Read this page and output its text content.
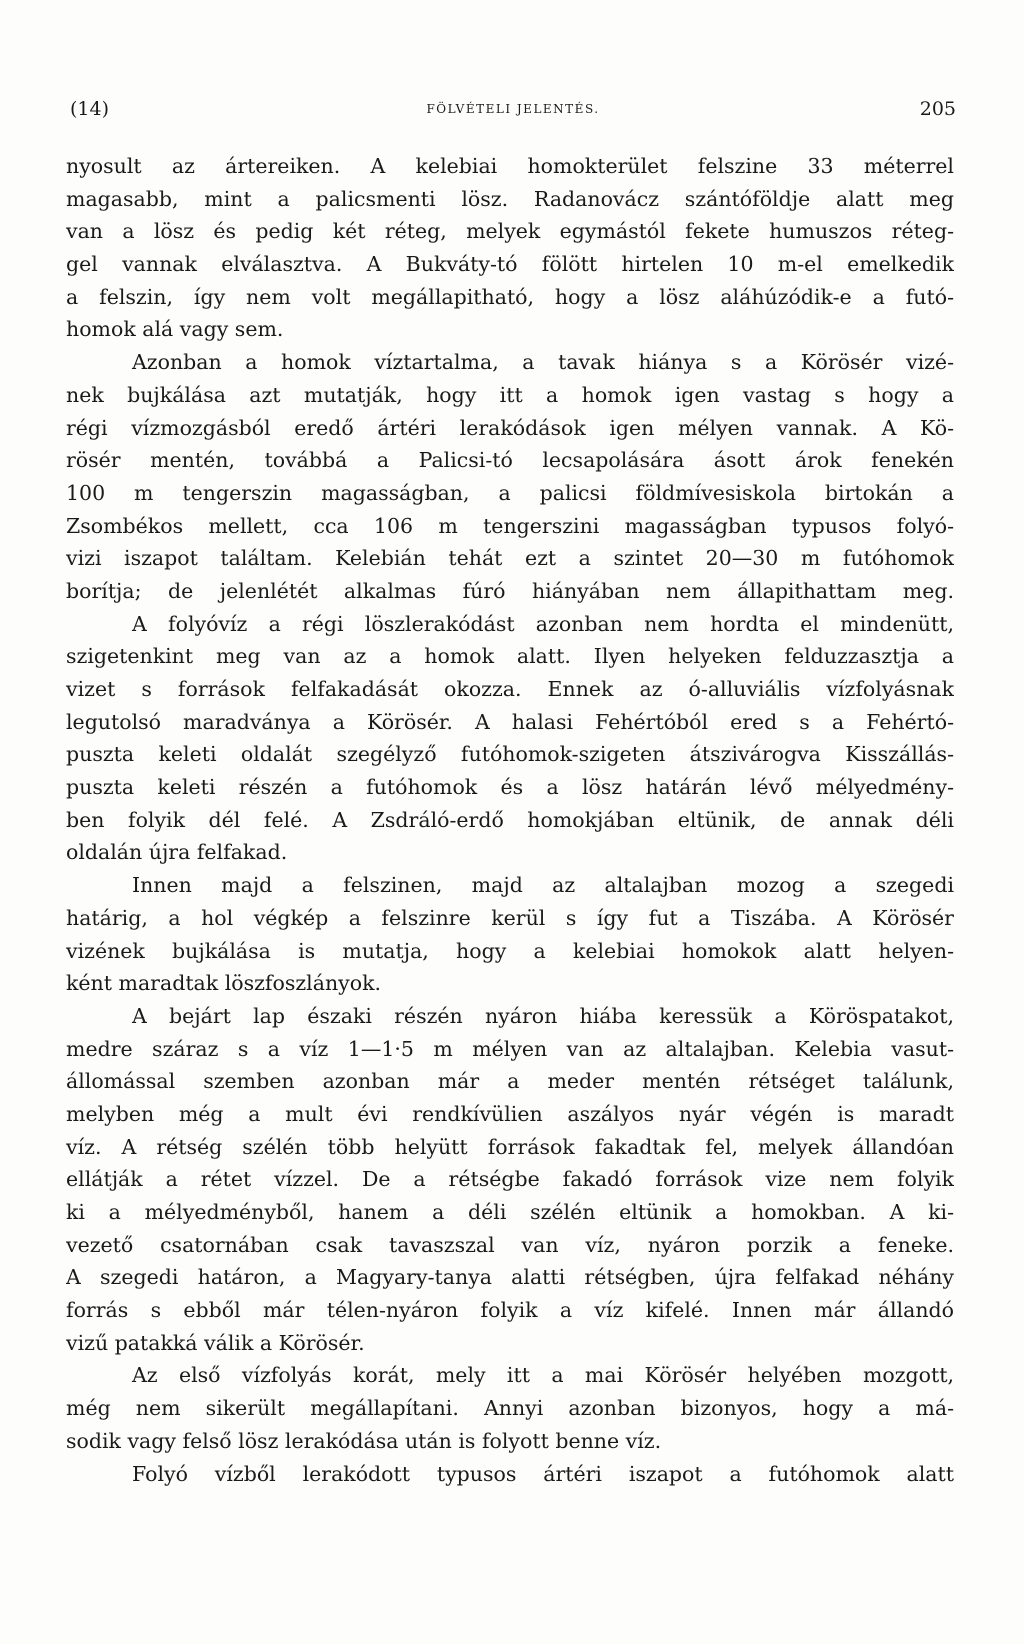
(14)	FÖLVÉTELI JELENTÉS.	205
nyosult az ártereiken. A kelebiai homokterület felszine 33 méterrel
magasabb, mint a palicsmenti lösz. Radanovácz szántóföldje alatt meg
van a lösz és pedig két réteg, melyek egymástól fekete humuszos réteg-
gel vannak elválasztva. A Bukváty-tó fölött hirtelen 10 m-el emelkedik
a felszin, így nem volt megállapitható, hogy a lösz aláhúzódik-e a futó-
homok alá vagy sem.
Azonban a homok víztartalma, a tavak hiánya s a Körösér vizé-
nek bujkálása azt mutatják, hogy itt a homok igen vastag s hogy a
régi vízmozgásból eredő ártéri lerakódások igen mélyen vannak. A Kö-
rösér mentén, továbbá a Palicsi-tó lecsapolására ásott árok fenekén
100 m tengerszin magasságban, a palicsi földmívesiskola birtokán a
Zsombékos mellett, cca 106 m tengerszini magasságban typusos folyó-
vizi iszapot találtam. Kelebián tehát ezt a szintet 20—30 m futóhomok
borítja; de jelenlétét alkalmas fúró hiányában nem állapithattam meg.
A folyóvíz a régi löszlerakódást azonban nem hordta el mindenütt,
szigetenkint meg van az a homok alatt. Ilyen helyeken felduzzasztja a
vizet s források felfakadását okozza. Ennek az ó-alluviális vízfolyásnak
legutolsó maradványa a Körösér. A halasi Fehértóból ered s a Fehértó-
puszta keleti oldalát szegélyző futóhomok-szigeten átszivárogva Kisszállás-
puszta keleti részén a futóhomok és a lösz határán lévő mélyedmény-
ben folyik dél felé. A Zsdráló-erdő homokjában eltünik, de annak déli
oldalán újra felfakad.
Innen majd a felszinen, majd az altalajban mozog a szegedi
határig, a hol végkép a felszinre kerül s így fut a Tiszába. A Körösér
vizének bujkálása is mutatja, hogy a kelebiai homokok alatt helyen-
ként maradtak löszfoszlányok.
A bejárt lap északi részén nyáron hiába keressük a Köröspatakot,
medre száraz s a víz 1—1·5 m mélyen van az altalajban. Kelebia vasut-
állomással szemben azonban már a meder mentén rétséget találunk,
melyben még a mult évi rendkívülien aszályos nyár végén is maradt
víz. A rétség szélén több helyütt források fakadtak fel, melyek állandóan
ellátják a rétet vízzel. De a rétségbe fakadó források vize nem folyik
ki a mélyedményből, hanem a déli szélén eltünik a homokban. A ki-
vezető csatornában csak tavaszszal van víz, nyáron porzik a feneke.
A szegedi határon, a Magyary-tanya alatti rétségben, újra felfakad néhány
forrás s ebből már télen-nyáron folyik a víz kifelé. Innen már állandó
vizű patakká válik a Körösér.
Az első vízfolyás korát, mely itt a mai Körösér helyében mozgott,
még nem sikerült megállapítani. Annyi azonban bizonyos, hogy a má-
sodik vagy felső lösz lerakódása után is folyott benne víz.
Folyó vízből lerakódott typusos ártéri iszapot a futóhomok alatt
